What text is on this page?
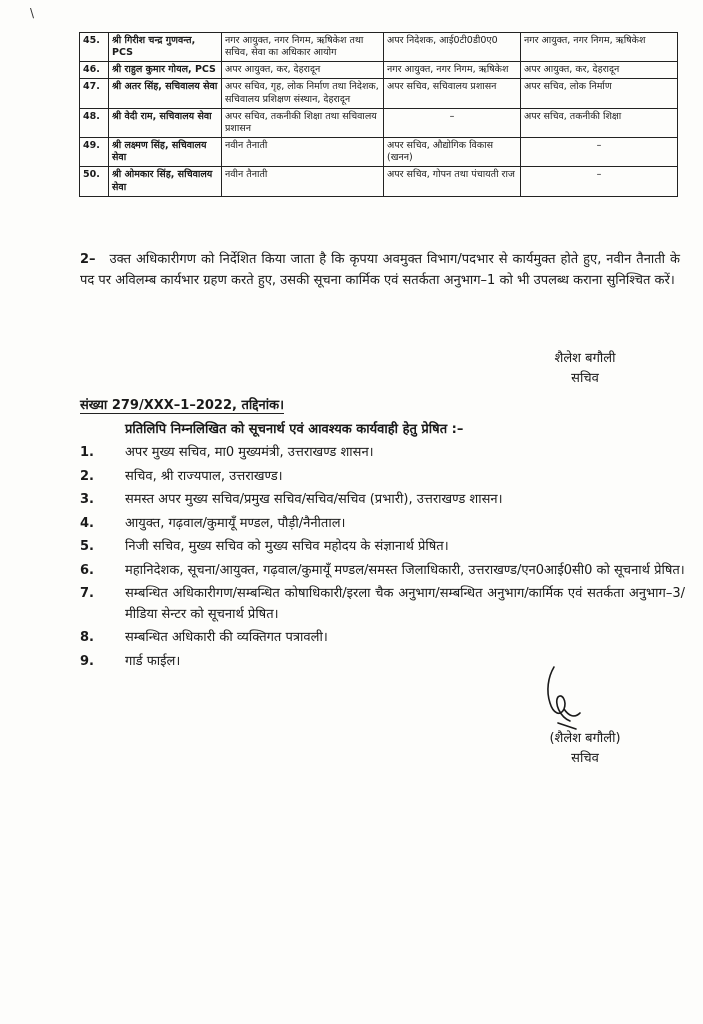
\
45.	श्री गिरीश चन्द्र गुणवन्त, PCS	नगर आयुक्त, नगर निगम, ऋषिकेश तथा सचिव, सेवा का अधिकार आयोग	अपर निदेशक, आई0टी0डी0ए0	नगर आयुक्त, नगर निगम, ऋषिकेश
46.	श्री राहुल कुमार गोयल, PCS	अपर आयुक्त, कर, देहरादून	नगर आयुक्त, नगर निगम, ऋषिकेश	अपर आयुक्त, कर, देहरादून
47.	श्री अतर सिंह, सचिवालय सेवा	अपर सचिव, गृह, लोक निर्माण तथा निदेशक, सचिवालय प्रशिक्षण संस्थान, देहरादून	अपर सचिव, सचिवालय प्रशासन	अपर सचिव, लोक निर्माण
48.	श्री वेदी राम, सचिवालय सेवा	अपर सचिव, तकनीकी शिक्षा तथा सचिवालय प्रशासन	–	अपर सचिव, तकनीकी शिक्षा
49.	श्री लक्ष्मण सिंह, सचिवालय सेवा	नवीन तैनाती	अपर सचिव, औद्योगिक विकास (खनन)	–
50.	श्री ओमकार सिंह, सचिवालय सेवा	नवीन तैनाती	अपर सचिव, गोपन तथा पंचायती राज	–
2– उक्त अधिकारीगण को निर्देशित किया जाता है कि कृपया अवमुक्त विभाग/पदभार से कार्यमुक्त होते हुए, नवीन तैनाती के पद पर अविलम्ब कार्यभार ग्रहण करते हुए, उसकी सूचना कार्मिक एवं सतर्कता अनुभाग–1 को भी उपलब्ध कराना सुनिश्चित करें।
शैलेश बगौली
सचिव
संख्या 279/XXX–1–2022, तद्दिनांक।
प्रतिलिपि निम्नलिखित को सूचनार्थ एवं आवश्यक कार्यवाही हेतु प्रेषित :–
1.	अपर मुख्य सचिव, मा0 मुख्यमंत्री, उत्तराखण्ड शासन।
2.	सचिव, श्री राज्यपाल, उत्तराखण्ड।
3.	समस्त अपर मुख्य सचिव/प्रमुख सचिव/सचिव/सचिव (प्रभारी), उत्तराखण्ड शासन।
4.	आयुक्त, गढ़वाल/कुमायूँ मण्डल, पौड़ी/नैनीताल।
5.	निजी सचिव, मुख्य सचिव को मुख्य सचिव महोदय के संज्ञानार्थ प्रेषित।
6.	महानिदेशक, सूचना/आयुक्त, गढ़वाल/कुमायूँ मण्डल/समस्त जिलाधिकारी, उत्तराखण्ड/एन0आई0सी0 को सूचनार्थ प्रेषित।
7.	सम्बन्धित अधिकारीगण/सम्बन्धित कोषाधिकारी/इरला चैक अनुभाग/सम्बन्धित अनुभाग/कार्मिक एवं सतर्कता अनुभाग–3/मीडिया सेन्टर को सूचनार्थ प्रेषित।
8.	सम्बन्धित अधिकारी की व्यक्तिगत पत्रावली।
9.	गार्ड फाईल।
(शैलेश बगौली)
सचिव
